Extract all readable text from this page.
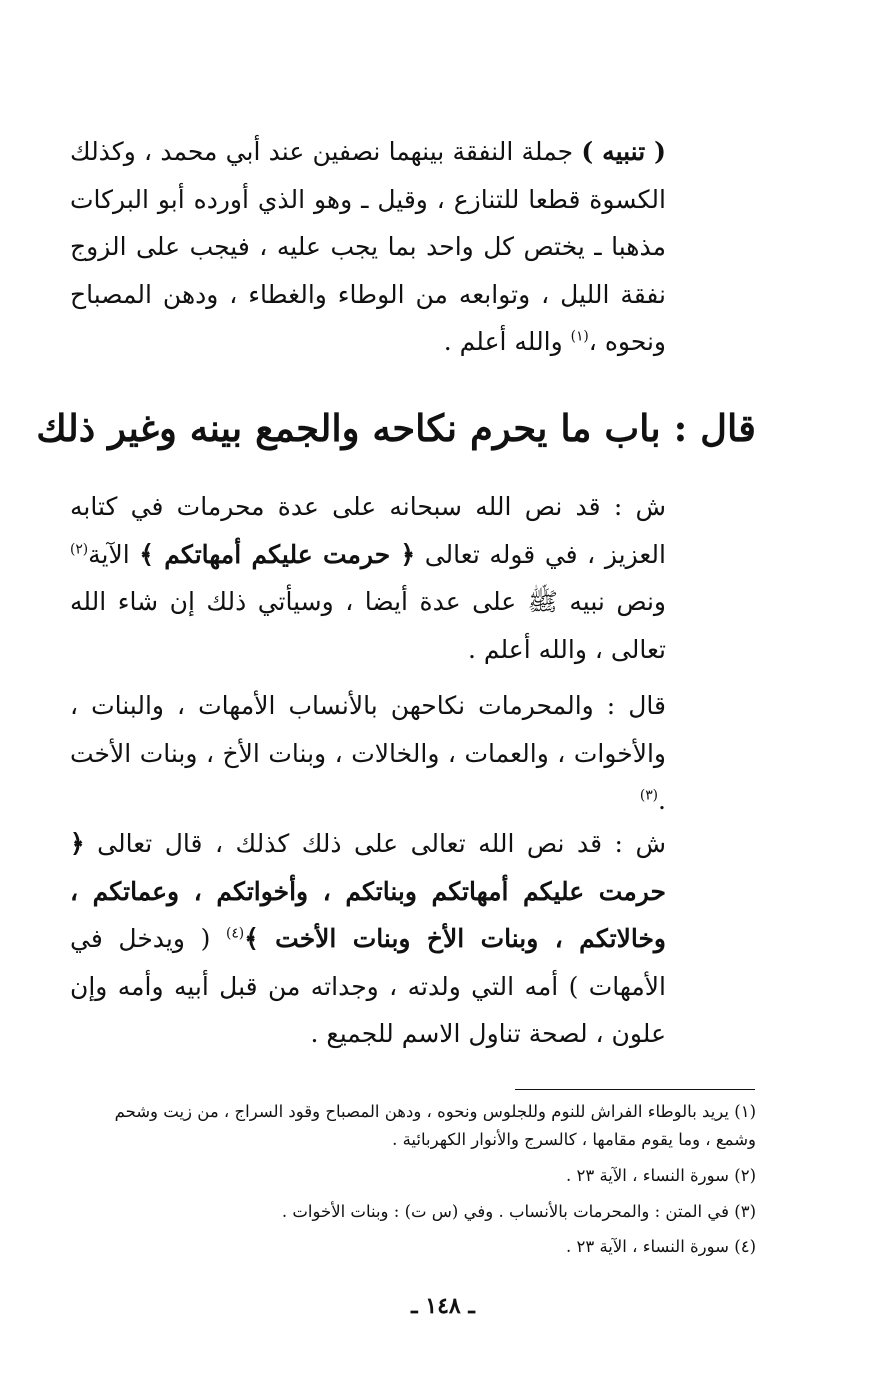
( تنبيه ) جملة النفقة بينهما نصفين عند أبي محمد ، وكذلك الكسوة قطعا للتنازع ، وقيل ـ وهو الذي أورده أبو البركات مذهبا ـ يختص كل واحد بما يجب عليه ، فيجب على الزوج نفقة الليل ، وتوابعه من الوطاء والغطاء ، ودهن المصباح ونحوه ،$^{(١)}$ والله أعلم .
قال : باب ما يحرم نكاحه والجمع بينه وغير ذلك
ش : قد نص الله سبحانه على عدة محرمات في كتابه العزيز ، في قوله تعالى ﴿ حرمت عليكم أمهاتكم ﴾ الآية$^{(٢)}$ ونص نبيه ﷺ على عدة أيضا ، وسيأتي ذلك إن شاء الله تعالى ، والله أعلم .
قال : والمحرمات نكاحهن بالأنساب الأمهات ، والبنات ، والأخوات ، والعمات ، والخالات ، وبنات الأخ ، وبنات الأخت .$^{(٣)}$
ش : قد نص الله تعالى على ذلك كذلك ، قال تعالى ﴿ حرمت عليكم أمهاتكم وبناتكم ، وأخواتكم ، وعماتكم ، وخالاتكم ، وبنات الأخ وبنات الأخت ﴾$^{(٤)}$ ( ويدخل في الأمهات ) أمه التي ولدته ، وجداته من قبل أبيه وأمه وإن علون ، لصحة تناول الاسم للجميع .
(١) يريد بالوطاء الفراش للنوم وللجلوس ونحوه ، ودهن المصباح وقود السراج ، من زيت وشحم وشمع ، وما يقوم مقامها ، كالسرج والأنوار الكهربائية .
(٢) سورة النساء ، الآية ٢٣ .
(٣) في المتن : والمحرمات بالأنساب . وفي (س ت) : وبنات الأخوات .
(٤) سورة النساء ، الآية ٢٣ .
ـ ١٤٨ ـ
